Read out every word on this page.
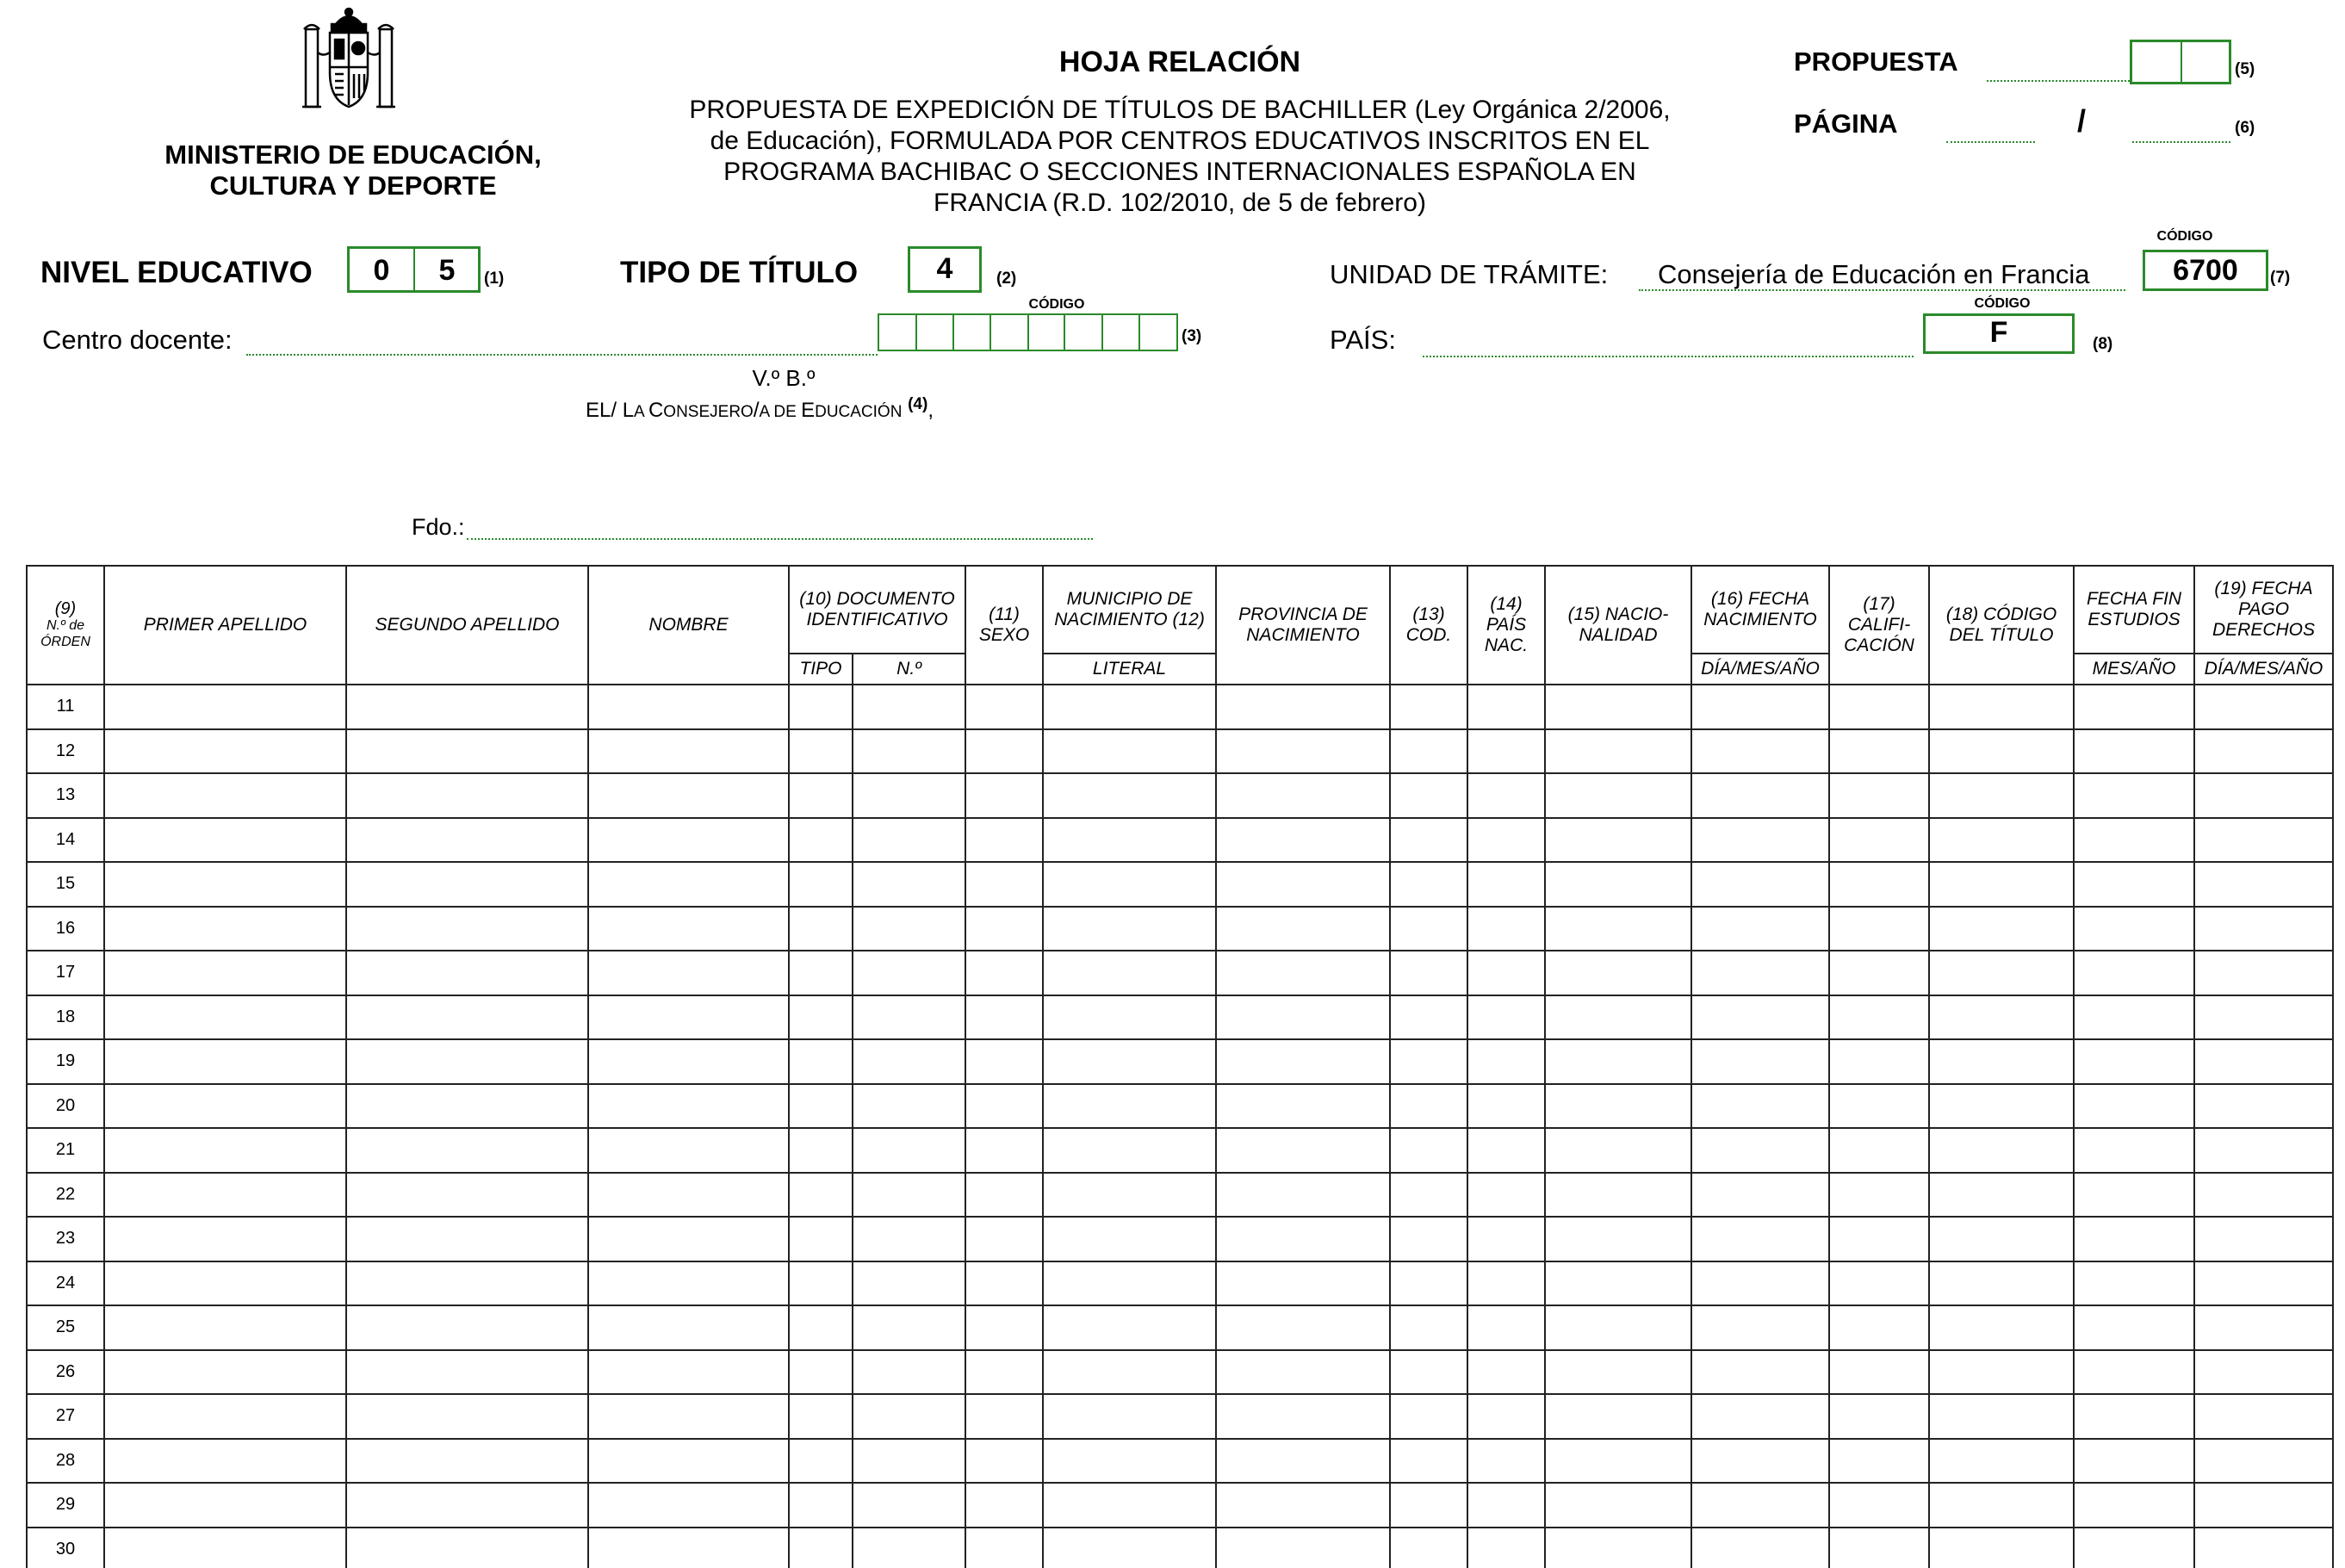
MINISTERIO DE EDUCACIÓN,
CULTURA Y DEPORTE
HOJA RELACIÓN
PROPUESTA DE EXPEDICIÓN DE TÍTULOS DE BACHILLER (Ley Orgánica 2/2006,
de Educación), FORMULADA POR CENTROS EDUCATIVOS INSCRITOS EN EL
PROGRAMA BACHIBAC O SECCIONES INTERNACIONALES ESPAÑOLA EN
FRANCIA (R.D. 102/2010, de 5 de febrero)
PROPUESTA	(5)
PÁGINA	/	(6)
NIVEL EDUCATIVO	0	5	(1)	TIPO DE TÍTULO	4	(2)	UNIDAD DE TRÁMITE: Consejería de Educación en Francia
CÓDIGO
6700	(7)
Centro docente:
CÓDIGO
(3)	PAÍS:
CÓDIGO
F	(8)
V.º B.º
EL/ LA CONSEJERO/A DE EDUCACIÓN $^{(4)}$,
Fdo.:
(9)
N.º de ÓRDEN	PRIMER APELLIDO	SEGUNDO APELLIDO	NOMBRE	(10) DOCUMENTO IDENTIFICATIVO		(11) SEXO	MUNICIPIO DE NACIMIENTO (12)	PROVINCIA DE NACIMIENTO	(13) COD.	(14) PAÍS NAC.	(15) NACIO-NALIDAD	(16) FECHA NACIMIENTO	(17) CALIFI-CACIÓN	(18) CÓDIGO DEL TÍTULO	FECHA FIN ESTUDIOS	(19) FECHA PAGO DERECHOS
				TIPO	N.º		LITERAL					DÍA/MES/AÑO			MES/AÑO	DÍA/MES/AÑO
11																
12																
13																
14																
15																
16																
17																
18																
19																
20																
21																
22																
23																
24																
25																
26																
27																
28																
29																
30																
